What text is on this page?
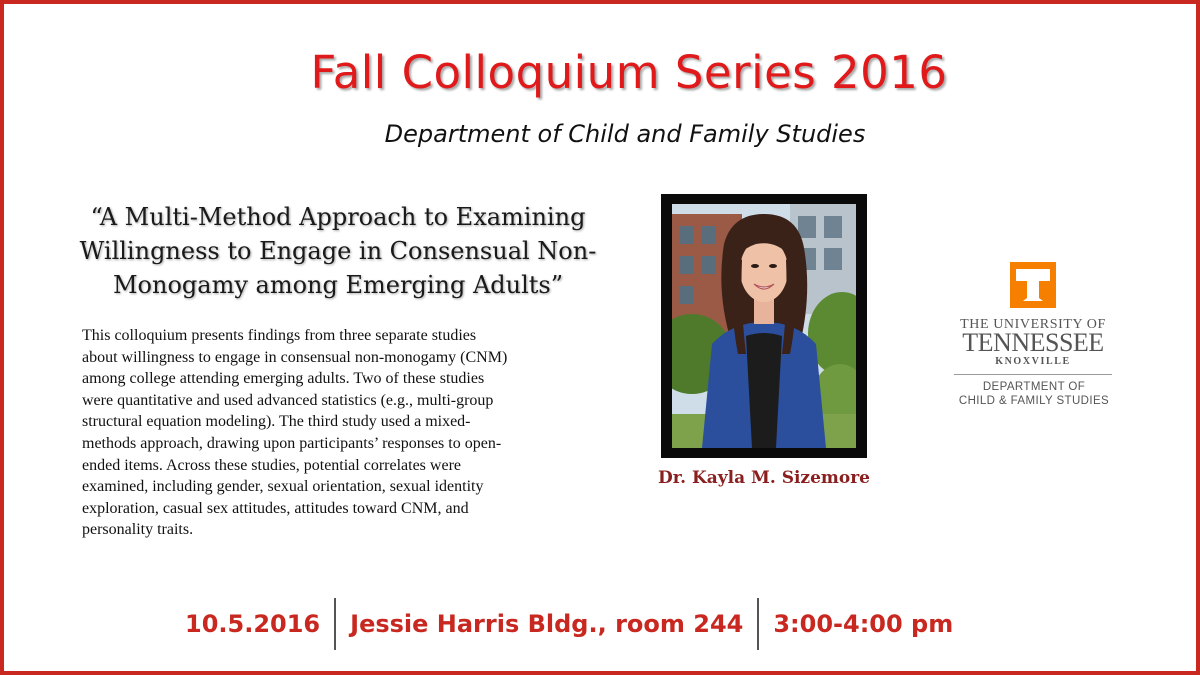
Fall Colloquium Series 2016
Department of Child and Family Studies
“A Multi-Method Approach to Examining
Willingness to Engage in Consensual Non-
Monogamy among Emerging Adults”
This colloquium presents findings from three separate studies
about willingness to engage in consensual non-monogamy (CNM)
among college attending emerging adults. Two of these studies
were quantitative and used advanced statistics (e.g., multi-group
structural equation modeling). The third study used a mixed-
methods approach, drawing upon participants’ responses to open-
ended items. Across these studies, potential correlates were
examined, including gender, sexual orientation, sexual identity
exploration, casual sex attitudes, attitudes toward CNM, and
personality traits.
Dr. Kayla M. Sizemore
THE UNIVERSITY OF
TENNESSEE
KNOXVILLE
DEPARTMENT OF
CHILD & FAMILY STUDIES
10.5.2016 Jessie Harris Bldg., room 244 3:00-4:00 pm
